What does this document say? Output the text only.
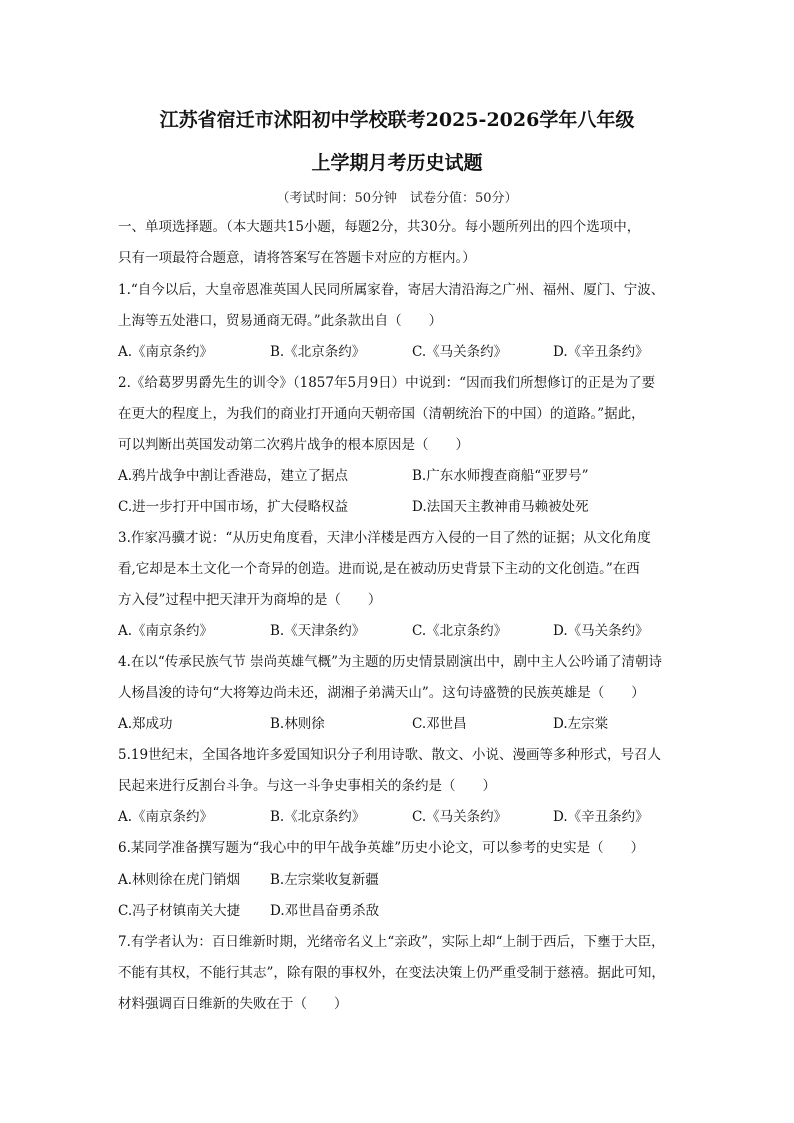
江苏省宿迁市沭阳初中学校联考2025-2026学年八年级
上学期月考历史试题
（考试时间：50分钟　试卷分值：50分）
一、单项选择题。（本大题共15小题，每题2分，共30分。每小题所列出的四个选项中，
只有一项最符合题意，请将答案写在答题卡对应的方框内。）
1.“自今以后，大皇帝恩准英国人民同所属家眷，寄居大清沿海之广州、福州、厦门、宁波、
上海等五处港口，贸易通商无碍。”此条款出自（　　）
A.《南京条约》	B.《北京条约》	C.《马关条约》	D.《辛丑条约》
2.《给葛罗男爵先生的训令》（1857年5月9日）中说到：“因而我们所想修订的正是为了要
在更大的程度上，为我们的商业打开通向天朝帝国（清朝统治下的中国）的道路。”据此，
可以判断出英国发动第二次鸦片战争的根本原因是（　　）
A.鸦片战争中割让香港岛，建立了据点	B.广东水师搜查商船“亚罗号”
C.进一步打开中国市场，扩大侵略权益	D.法国天主教神甫马赖被处死
3.作家冯骥才说：“从历史角度看，天津小洋楼是西方入侵的一目了然的证据；从文化角度
看,它却是本土文化一个奇异的创造。进而说,是在被动历史背景下主动的文化创造。”在西
方入侵”过程中把天津开为商埠的是（　　）
A.《南京条约》	B.《天津条约》	C.《北京条约》	D.《马关条约》
4.在以“传承民族气节 崇尚英雄气概”为主题的历史情景剧演出中，剧中主人公吟诵了清朝诗
人杨昌浚的诗句“大将筹边尚未还，湖湘子弟满天山”。这句诗盛赞的民族英雄是（　　）
A.郑成功	B.林则徐	C.邓世昌	D.左宗棠
5.19世纪末，全国各地许多爱国知识分子利用诗歌、散文、小说、漫画等多种形式，号召人
民起来进行反割台斗争。与这一斗争史事相关的条约是（　　）
A.《南京条约》	B.《北京条约》	C.《马关条约》	D.《辛丑条约》
6.某同学准备撰写题为“我心中的甲午战争英雄”历史小论文，可以参考的史实是（　　）
A.林则徐在虎门销烟 B.左宗棠收复新疆
C.冯子材镇南关大捷 D.邓世昌奋勇杀敌
7.有学者认为：百日维新时期，光绪帝名义上“亲政”，实际上却“上制于西后，下壅于大臣，
不能有其权，不能行其志”，除有限的事权外，在变法决策上仍严重受制于慈禧。据此可知，
材料强调百日维新的失败在于（　　）
